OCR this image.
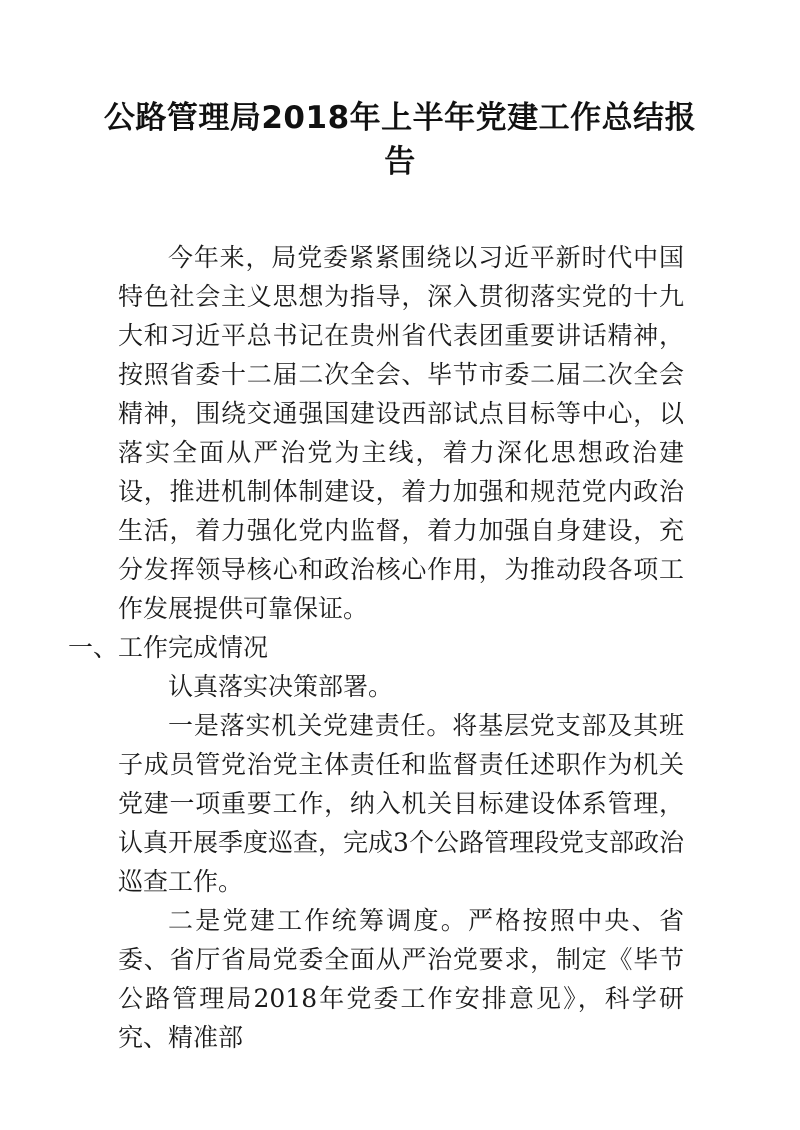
公路管理局2018年上半年党建工作总结报告

今年来，局党委紧紧围绕以习近平新时代中国特色社会主义思想为指导，深入贯彻落实党的十九大和习近平总书记在贵州省代表团重要讲话精神，按照省委十二届二次全会、毕节市委二届二次全会精神，围绕交通强国建设西部试点目标等中心，以落实全面从严治党为主线，着力深化思想政治建设，推进机制体制建设，着力加强和规范党内政治生活，着力强化党内监督，着力加强自身建设，充分发挥领导核心和政治核心作用，为推动段各项工作发展提供可靠保证。

一、工作完成情况

认真落实决策部署。

一是落实机关党建责任。将基层党支部及其班子成员管党治党主体责任和监督责任述职作为机关党建一项重要工作，纳入机关目标建设体系管理，认真开展季度巡查，完成3个公路管理段党支部政治巡查工作。

二是党建工作统筹调度。严格按照中央、省委、省厅省局党委全面从严治党要求，制定《毕节公路管理局2018年党委工作安排意见》，科学研究、精准部
